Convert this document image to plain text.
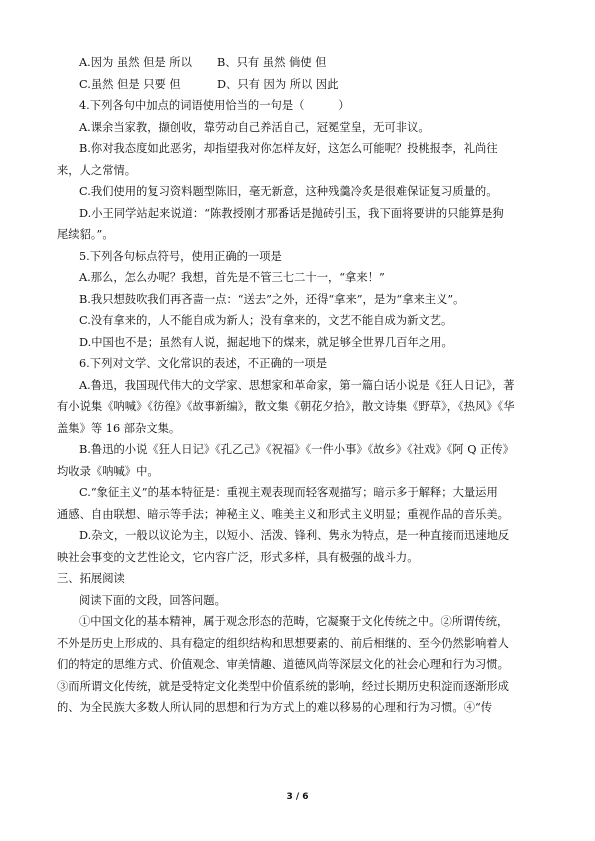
A.因为 虽然 但是 所以 B、只有 虽然 倘使 但
C.虽然 但是 只要 但	D、只有 因为 所以 因此
4.下列各句中加点的词语使用恰当的一句是（　　　）
A.课余当家教，撷创收，靠劳动自己养活自己，冠冕堂皇，无可非议。
B.你对我态度如此恶劣，却指望我对你怎样友好，这怎么可能呢？投桃报李，礼尚往
来，人之常情。
C.我们使用的复习资料题型陈旧，毫无新意，这种残羹冷炙是很难保证复习质量的。
D.小王同学站起来说道：“陈教授刚才那番话是抛砖引玉，我下面将要讲的只能算是狗
尾续貂。”。
5.下列各句标点符号，使用正确的一项是
A.那么，怎么办呢？我想，首先是不管三七二十一，“拿来！”
B.我只想鼓吹我们再吝啬一点：“送去”之外，还得“拿来”，是为“拿来主义”。
C.没有拿来的，人不能自成为新人；没有拿来的，文艺不能自成为新文艺。
D.中国也不是；虽然有人说，掘起地下的煤来，就足够全世界几百年之用。
6.下列对文学、文化常识的表述，不正确的一项是
A.鲁迅，我国现代伟大的文学家、思想家和革命家，第一篇白话小说是《狂人日记》，著
有小说集《呐喊》《彷徨》《故事新编》，散文集《朝花夕拾》，散文诗集《野草》，《热风》《华
盖集》等 16 部杂文集。
B.鲁迅的小说《狂人日记》《孔乙己》《祝福》《一件小事》《故乡》《社戏》《阿 Q 正传》
均收录《呐喊》中。
C.“象征主义”的基本特征是：重视主观表现而轻客观描写；暗示多于解释；大量运用
通感、自由联想、暗示等手法；神秘主义、唯美主义和形式主义明显；重视作品的音乐美。
D.杂文，一般以议论为主，以短小、活泼、锋利、隽永为特点，是一种直接而迅速地反
映社会事变的文艺性论文，它内容广泛，形式多样，具有极强的战斗力。
三、拓展阅读
阅读下面的文段，回答问题。
①中国文化的基本精神，属于观念形态的范畴，它凝聚于文化传统之中。②所谓传统，
不外是历史上形成的、具有稳定的组织结构和思想要素的、前后相继的、至今仍然影响着人
们的特定的思维方式、价值观念、审美情趣、道德风尚等深层文化的社会心理和行为习惯。
③而所谓文化传统，就是受特定文化类型中价值系统的影响，经过长期历史积淀而逐渐形成
的、为全民族大多数人所认同的思想和行为方式上的难以移易的心理和行为习惯。④“传
3 / 6
